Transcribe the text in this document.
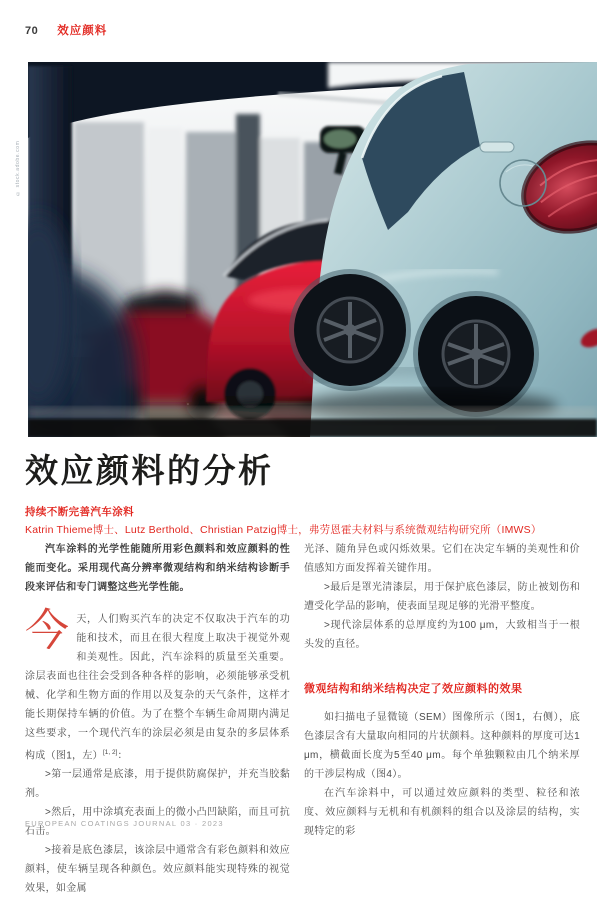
70 效应颜料
© stock.adobe.com
效应颜料的分析
持续不断完善汽车涂料
Katrin Thieme博士、Lutz Berthold、Christian Patzig博士，弗劳恩霍夫材料与系统微观结构研究所（IMWS）

汽车涂料的光学性能随所用彩色颜料和效应颜料的性能而变化。采用现代高分辨率微观结构和纳米结构诊断手段来评估和专门调整这些光学性能。

今天，人们购买汽车的决定不仅取决于汽车的功能和技术，而且在很大程度上取决于视觉外观和美观性。因此，汽车涂料的质量至关重要。涂层表面也往往会受到各种各样的影响，必须能够承受机械、化学和生物方面的作用以及复杂的天气条件，这样才能长期保持车辆的价值。为了在整个车辆生命周期内满足这些要求，一个现代汽车的涂层必须是由复杂的多层体系构成（图1，左）[1, 2]：

>第一层通常是底漆，用于提供防腐保护，并充当胶黏剂。

>然后，用中涂填充表面上的微小凸凹缺陷，而且可抗石击。

>接着是底色漆层，该涂层中通常含有彩色颜料和效应颜料，使车辆呈现各种颜色。效应颜料能实现特殊的视觉效果，如金属

光泽、随角异色或闪烁效果。它们在决定车辆的美观性和价值感知方面发挥着关键作用。

>最后是罩光清漆层，用于保护底色漆层，防止被划伤和遭受化学品的影响，使表面呈现足够的光滑平整度。

>现代涂层体系的总厚度约为100 μm，大致相当于一根头发的直径。

微观结构和纳米结构决定了效应颜料的效果

如扫描电子显微镜（SEM）图像所示（图1，右侧），底色漆层含有大量取向相同的片状颜料。这种颜料的厚度可达1 μm，横截面长度为5至40 μm。每个单独颗粒由几个纳米厚的干涉层构成（图4）。

在汽车涂料中，可以通过效应颜料的类型、粒径和浓度、效应颜料与无机和有机颜料的组合以及涂层的结构，实现特定的彩

EUROPEAN COATINGS JOURNAL 03 · 2023
